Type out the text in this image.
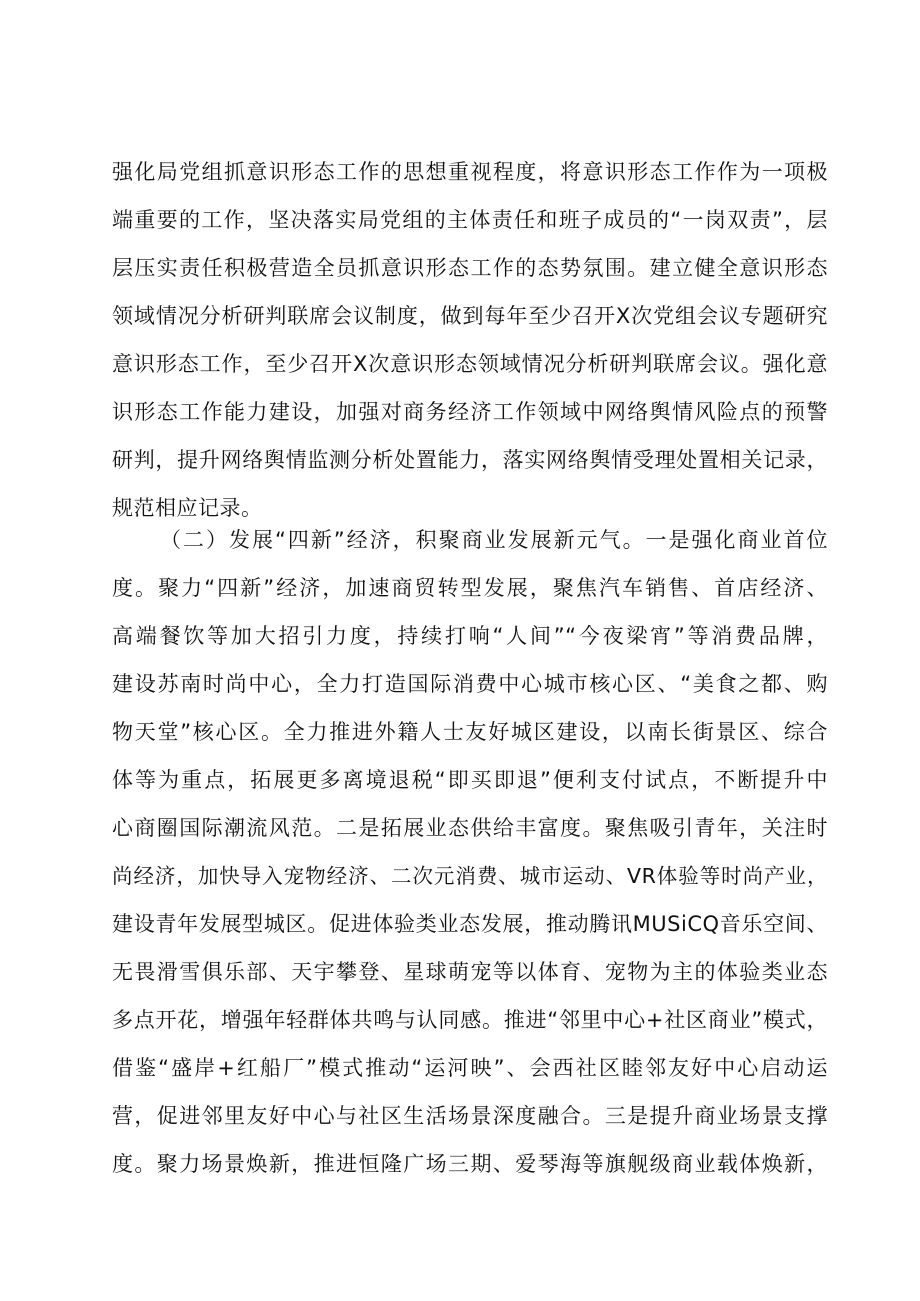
强化局党组抓意识形态工作的思想重视程度，将意识形态工作作为一项极
端重要的工作，坚决落实局党组的主体责任和班子成员的“一岗双责”，层
层压实责任积极营造全员抓意识形态工作的态势氛围。建立健全意识形态
领域情况分析研判联席会议制度，做到每年至少召开X次党组会议专题研究
意识形态工作，至少召开X次意识形态领域情况分析研判联席会议。强化意
识形态工作能力建设，加强对商务经济工作领域中网络舆情风险点的预警
研判，提升网络舆情监测分析处置能力，落实网络舆情受理处置相关记录，
规范相应记录。
（二）发展“四新”经济，积聚商业发展新元气。一是强化商业首位
度。聚力“四新”经济，加速商贸转型发展，聚焦汽车销售、首店经济、
高端餐饮等加大招引力度，持续打响“人间”“今夜梁宵”等消费品牌，
建设苏南时尚中心，全力打造国际消费中心城市核心区、“美食之都、购
物天堂”核心区。全力推进外籍人士友好城区建设，以南长街景区、综合
体等为重点，拓展更多离境退税“即买即退”便利支付试点，不断提升中
心商圈国际潮流风范。二是拓展业态供给丰富度。聚焦吸引青年，关注时
尚经济，加快导入宠物经济、二次元消费、城市运动、VR体验等时尚产业，
建设青年发展型城区。促进体验类业态发展，推动腾讯MUSiCQ音乐空间、
无畏滑雪俱乐部、天宇攀登、星球萌宠等以体育、宠物为主的体验类业态
多点开花，增强年轻群体共鸣与认同感。推进“邻里中心+社区商业”模式，
借鉴“盛岸+红船厂”模式推动“运河映”、会西社区睦邻友好中心启动运
营，促进邻里友好中心与社区生活场景深度融合。三是提升商业场景支撑
度。聚力场景焕新，推进恒隆广场三期、爱琴海等旗舰级商业载体焕新，
